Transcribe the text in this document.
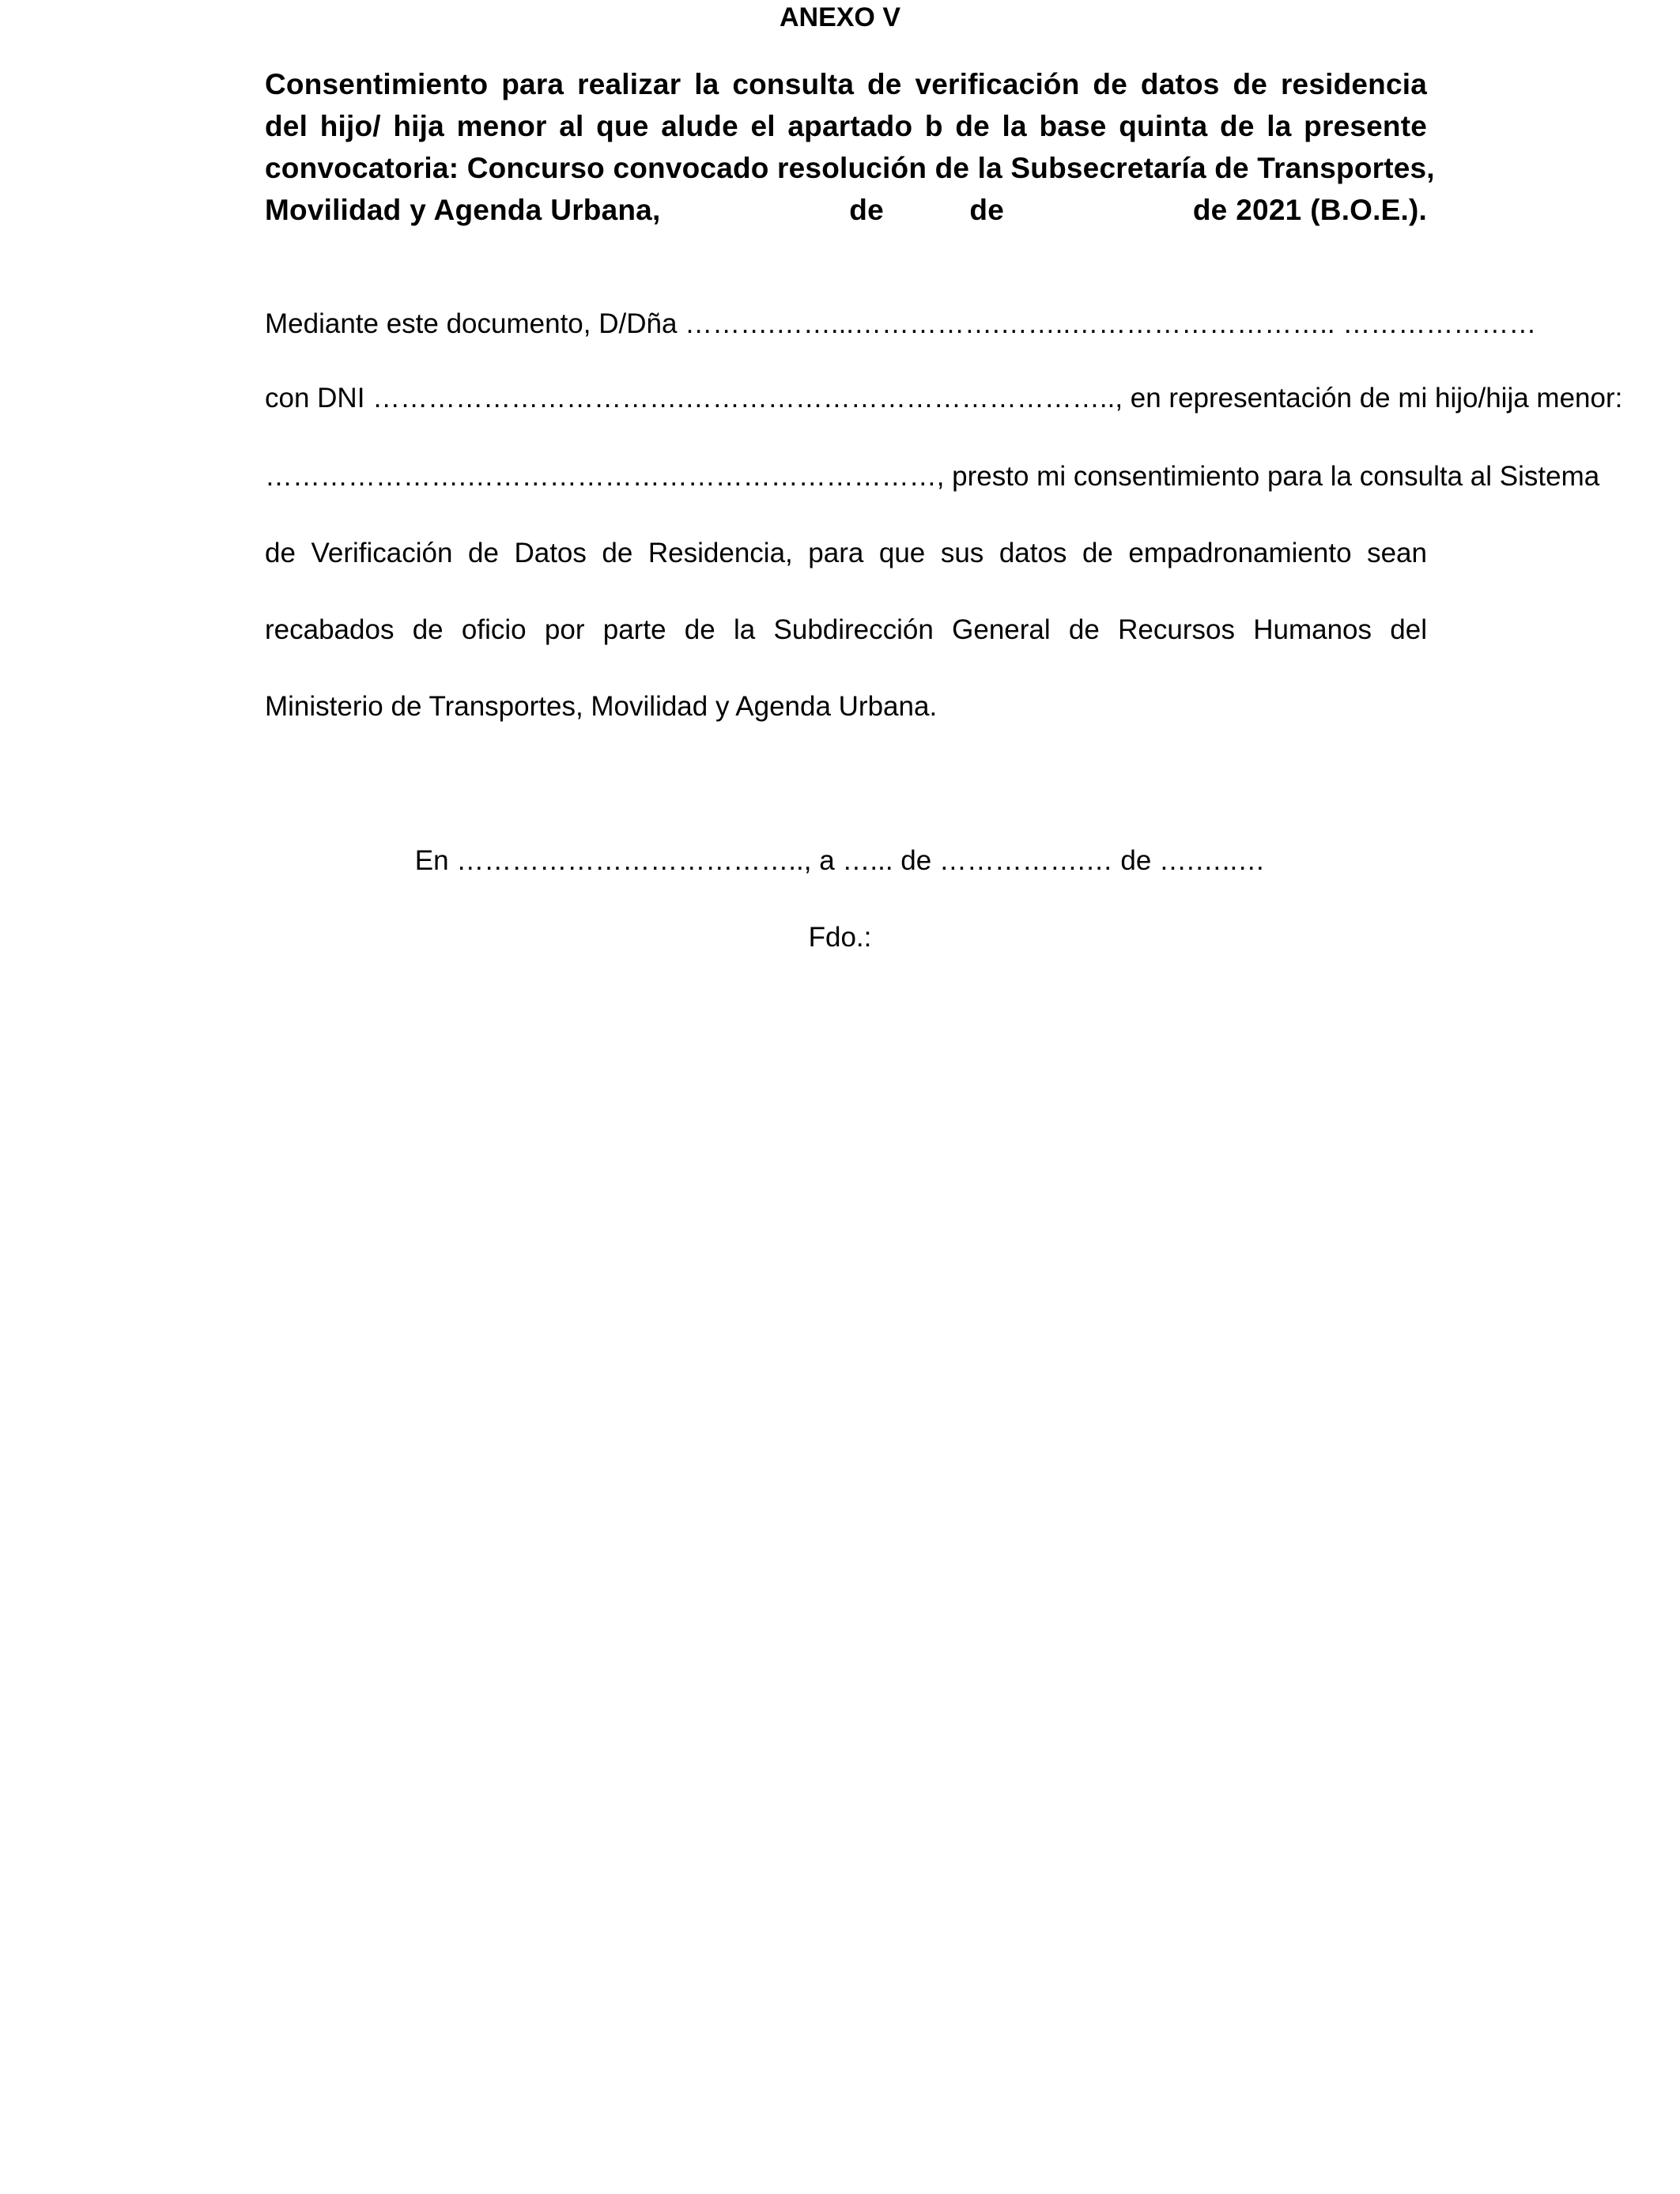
ANEXO V
Consentimiento para realizar la consulta de verificación de datos de residencia
del hijo/ hija menor al que alude el apartado b de la base quinta de la presente
convocatoria: Concurso convocado resolución de la Subsecretaría de Transportes,
Movilidad y Agenda Urbana,                      de          de                      de 2021 (B.O.E.).
Mediante este documento, D/Dña ……….……...…………….……..……………………….. …………………
con DNI …………………………….……………………………………….., en representación de mi hijo/hija menor:
………………….……………………………………………, presto mi consentimiento para la consulta al Sistema
de Verificación de Datos de Residencia, para que sus datos de empadronamiento sean
recabados de oficio por parte de la Subdirección General de Recursos Humanos del
Ministerio de Transportes, Movilidad y Agenda Urbana.
En ……………………………….., a …... de …………….… de ….…..…
Fdo.:
